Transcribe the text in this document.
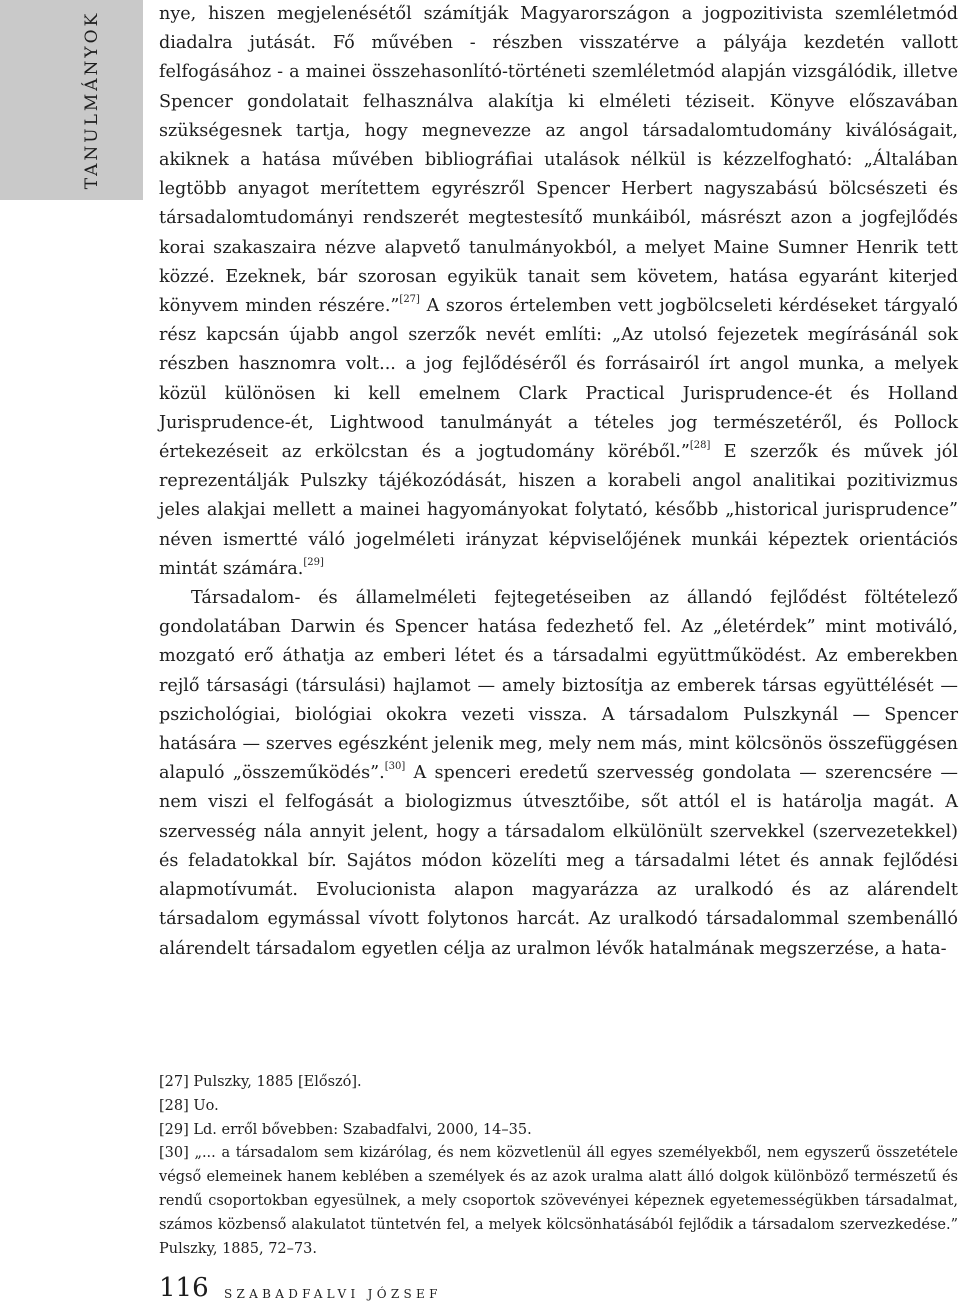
TANULMÁNYOK	nye, hiszen megjelenésétől számítják Magyarországon a jogpozitivista szemléletmód diadalra jutását. Fő művében - részben visszatérve a pályája kezdetén vallott felfogásához - a mainei összehasonlító-történeti szemléletmód alapján vizsgálódik, illetve Spencer gondolatait felhasználva alakítja ki elméleti téziseit. Könyve előszavában szükségesnek tartja, hogy megnevezze az angol társadalomtudomány kiválóságait, akiknek a hatása művében bibliográfiai utalások nélkül is kézzelfogható: „Általában legtöbb anyagot merítettem egyrészről Spencer Herbert nagyszabású bölcsészeti és társadalomtudományi rendszerét megtestesítő munkáiból, másrészt azon a jogfejlődés korai szakaszaira nézve alapvető tanulmányokból, a melyet Maine Sumner Henrik tett közzé. Ezeknek, bár szorosan egyikük tanait sem követem, hatása egyaránt kiterjed könyvem minden részére.”[27] A szoros értelemben vett jogbölcseleti kérdéseket tárgyaló rész kapcsán újabb angol szerzők nevét említi: „Az utolsó fejezetek megírásánál sok részben hasznomra volt... a jog fejlődéséről és forrásairól írt angol munka, a melyek közül különösen ki kell emelnem Clark Practical Jurisprudence-ét és Holland Jurisprudence-ét, Lightwood tanulmányát a tételes jog természetéről, és Pollock értekezéseit az erkölcstan és a jogtudomány köréből.”[28] E szerzők és művek jól reprezentálják Pulszky tájékozódását, hiszen a korabeli angol analitikai pozitivizmus jeles alakjai mellett a mainei hagyományokat folytató, később „historical jurisprudence” néven ismertté váló jogelméleti irányzat képviselőjének munkái képeztek orientációs mintát számára.[29]

Társadalom- és államelméleti fejtegetéseiben az állandó fejlődést föltételező gondolatában Darwin és Spencer hatása fedezhető fel. Az „életérdek” mint motiváló, mozgató erő áthatja az emberi létet és a társadalmi együttműködést. Az emberekben rejlő társasági (társulási) hajlamot — amely biztosítja az emberek társas együttélését — pszichológiai, biológiai okokra vezeti vissza. A társadalom Pulszkynál — Spencer hatására — szerves egészként jelenik meg, mely nem más, mint kölcsönös összefüggésen alapuló „összeműködés”.[30] A spenceri eredetű szervesség gondolata — szerencsére — nem viszi el felfogását a biologizmus útvesztőibe, sőt attól el is határolja magát. A szervesség nála annyit jelent, hogy a társadalom elkülönült szervekkel (szervezetekkel) és feladatokkal bír. Sajátos módon közelíti meg a társadalmi létet és annak fejlődési alapmotívumát. Evolucionista alapon magyarázza az uralkodó és az alárendelt társadalom egymással vívott folytonos harcát. Az uralkodó társadalommal szembenálló alárendelt társadalom egyetlen célja az uralmon lévők hatalmának megszerzése, a hata-

[27] Pulszky, 1885 [Előszó].

[28] Uo.

[29] Ld. erről bővebben: Szabadfalvi, 2000, 14–35.

[30] „... a társadalom sem kizárólag, és nem közvetlenül áll egyes személyekből, nem egyszerű összetétele végső elemeinek hanem keblében a személyek és az azok uralma alatt álló dolgok különböző természetű és rendű csoportokban egyesülnek, a mely csoportok szövevényei képeznek egyetemességükben társadalmat, számos közbenső alakulatot tüntetvén fel, a melyek kölcsönhatásából fejlődik a társadalom szervezkedése.” Pulszky, 1885, 72–73.

116 SZABADFALVI JÓZSEF
